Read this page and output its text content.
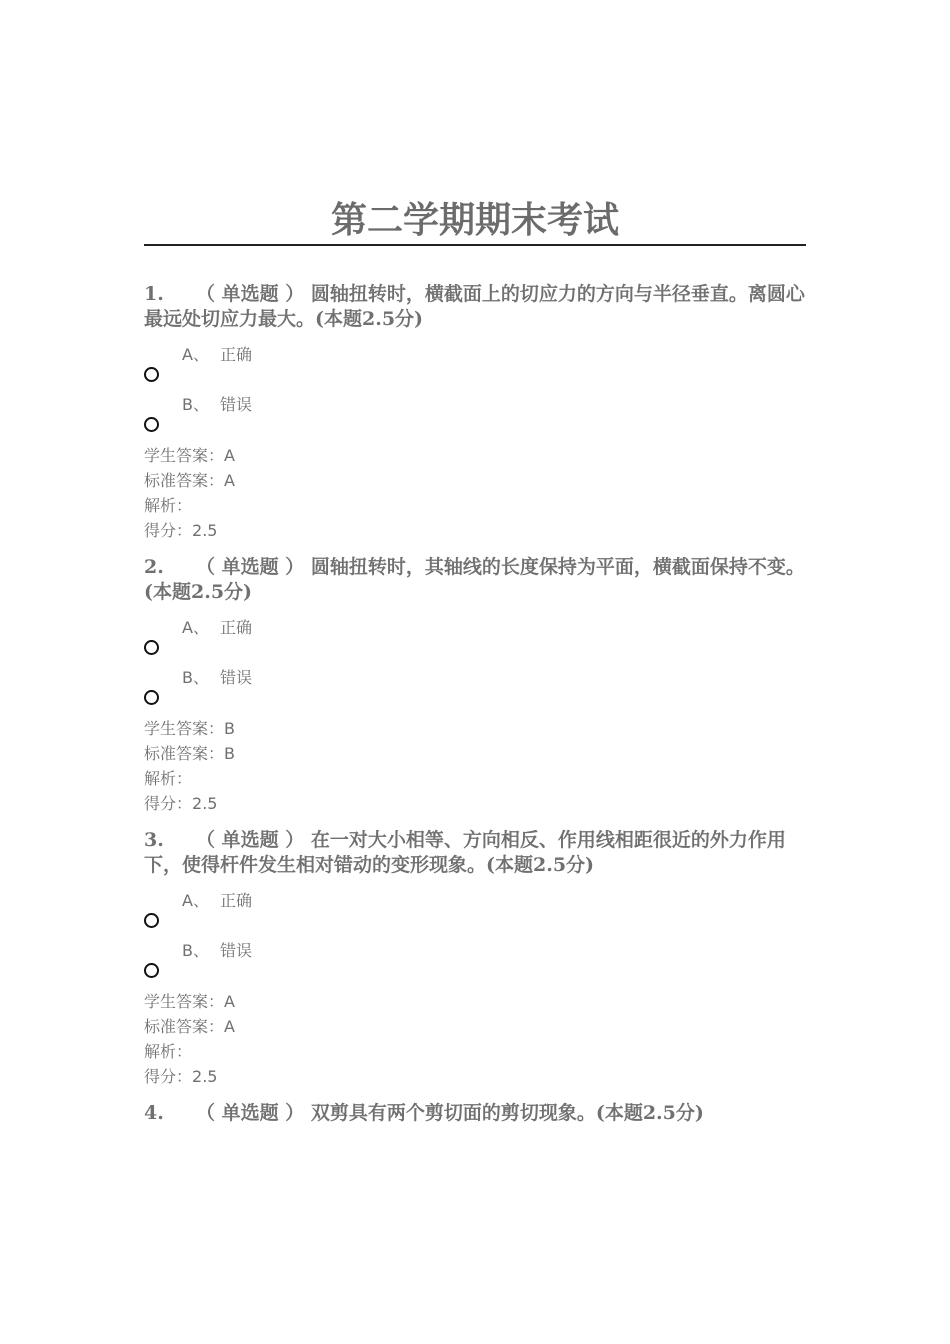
第二学期期末考试
1. （ 单选题 ） 圆轴扭转时，横截面上的切应力的方向与半径垂直。离圆心最远处切应力最大。(本题2.5分)
A、 正确
B、 错误
学生答案：A
标准答案：A
解析：
得分：2.5
2. （ 单选题 ） 圆轴扭转时，其轴线的长度保持为平面，横截面保持不变。(本题2.5分)
A、 正确
B、 错误
学生答案：B
标准答案：B
解析：
得分：2.5
3. （ 单选题 ） 在一对大小相等、方向相反、作用线相距很近的外力作用下，使得杆件发生相对错动的变形现象。(本题2.5分)
A、 正确
B、 错误
学生答案：A
标准答案：A
解析：
得分：2.5
4. （ 单选题 ） 双剪具有两个剪切面的剪切现象。(本题2.5分)
